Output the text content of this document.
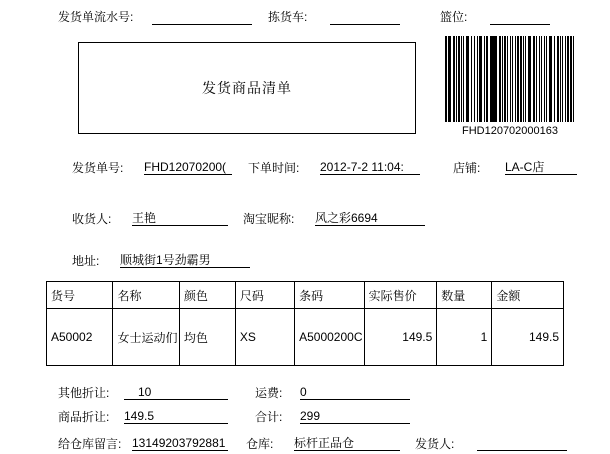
发货单流水号:	拣货车:	篮位:
发货商品清单
FHD120702000163
发货单号: FHD12070200(	下单时间: 2012-7-2 11:04:	店铺: LA-C店
收货人: 王艳	淘宝昵称: 风之彩6694
地址: 顺城街1号劲霸男
货号	名称	颜色	尺码	条码	实际售价	数量	金额
A50002	女士运动们	均色	XS	A5000200C	149.5	1	149.5
其他折让:	10	运费: 0
商品折让: 149.5	合计: 299
给仓库留言: 13149203792881 仓库: 标杆正品仓	发货人:
